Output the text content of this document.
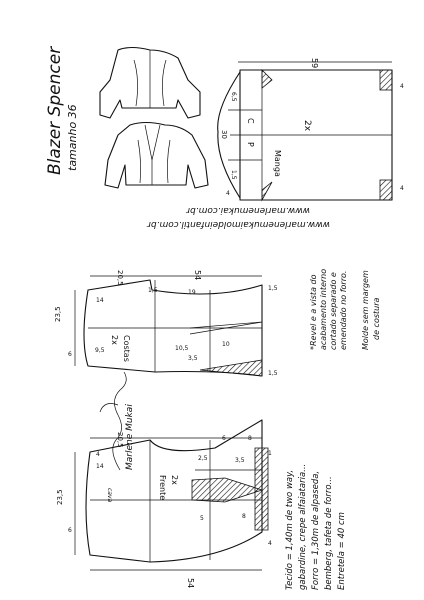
Blazer Spencer tamanho 36
www.marlenemukaimoldeinfantil.com.br
www.marlenemukai.com.br
59
Manga
2x
P
C
30
6,5
1,5
4
4
4
54
20,5
Costas
2x
23,5
14
6
9,5
10
10,5
3,5
1,5	1,5
19
1,5
*Revel e a vista do acabamento interno cortado separado e emendado no forro. Molde sem margem de costura
Marlene Mukai
54
20,5
Frente 2x
23,5
14
6
4
3,5
2,5
6	8
1
4
cava
8
5	Tecido = 1,40m de two way, gabardine, crepe alfaiataria... Forro = 1,30m de alpaseda, bemberg, tafeta de forro... Entretela = 40 cm
